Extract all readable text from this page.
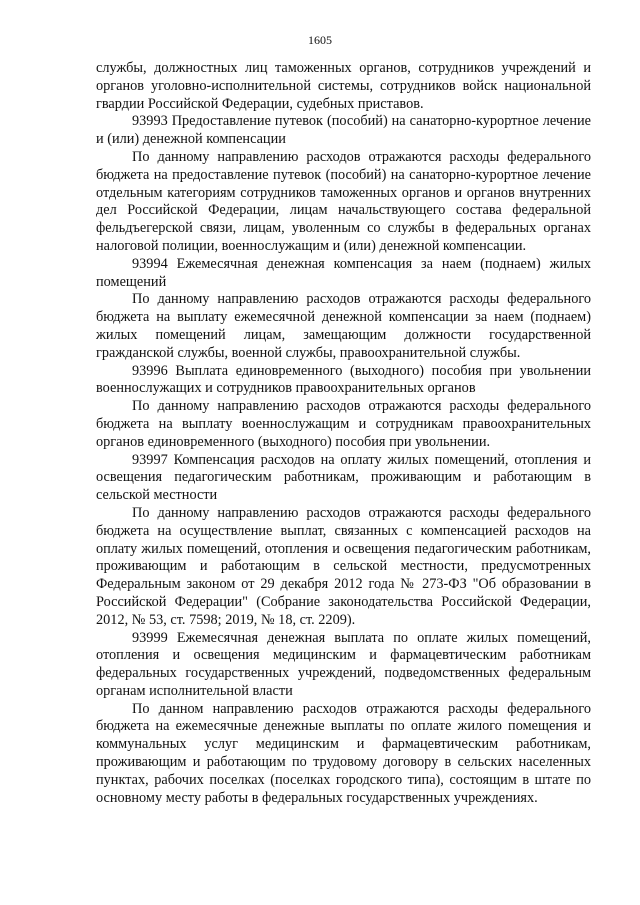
1605

службы, должностных лиц таможенных органов, сотрудников учреждений и органов уголовно-исполнительной системы, сотрудников войск национальной гвардии Российской Федерации, судебных приставов.

93993 Предоставление путевок (пособий) на санаторно-курортное лечение и (или) денежной компенсации

По данному направлению расходов отражаются расходы федерального бюджета на предоставление путевок (пособий) на санаторно-курортное лечение отдельным категориям сотрудников таможенных органов и органов внутренних дел Российской Федерации, лицам начальствующего состава федеральной фельдъегерской связи, лицам, уволенным со службы в федеральных органах налоговой полиции, военнослужащим и (или) денежной компенсации.

93994 Ежемесячная денежная компенсация за наем (поднаем) жилых помещений

По данному направлению расходов отражаются расходы федерального бюджета на выплату ежемесячной денежной компенсации за наем (поднаем) жилых помещений лицам, замещающим должности государственной гражданской службы, военной службы, правоохранительной службы.

93996 Выплата единовременного (выходного) пособия при увольнении военнослужащих и сотрудников правоохранительных органов

По данному направлению расходов отражаются расходы федерального бюджета на выплату военнослужащим и сотрудникам правоохранительных органов единовременного (выходного) пособия при увольнении.

93997 Компенсация расходов на оплату жилых помещений, отопления и освещения педагогическим работникам, проживающим и работающим в сельской местности

По данному направлению расходов отражаются расходы федерального бюджета на осуществление выплат, связанных с компенсацией расходов на оплату жилых помещений, отопления и освещения педагогическим работникам, проживающим и работающим в сельской местности, предусмотренных Федеральным законом от 29 декабря 2012 года № 273-ФЗ "Об образовании в Российской Федерации" (Собрание законодательства Российской Федерации, 2012, № 53, ст. 7598; 2019, № 18, ст. 2209).

93999 Ежемесячная денежная выплата по оплате жилых помещений, отопления и освещения медицинским и фармацевтическим работникам федеральных государственных учреждений, подведомственных федеральным органам исполнительной власти

По данном направлению расходов отражаются расходы федерального бюджета на ежемесячные денежные выплаты по оплате жилого помещения и коммунальных услуг медицинским и фармацевтическим работникам, проживающим и работающим по трудовому договору в сельских населенных пунктах, рабочих поселках (поселках городского типа), состоящим в штате по основному месту работы в федеральных государственных учреждениях.
